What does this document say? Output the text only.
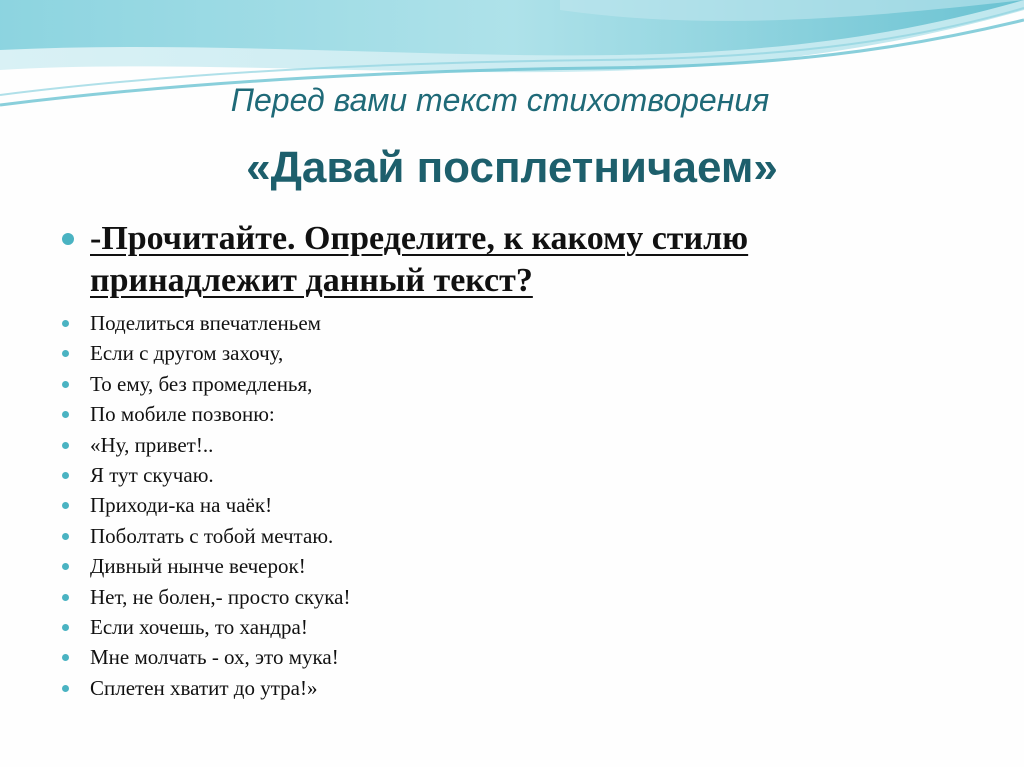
Перед вами текст стихотворения
«Давай посплетничаем»
-Прочитайте. Определите, к какому стилю принадлежит данный текст?
Поделиться впечатленьем
Если с другом захочу,
То ему, без промедленья,
По мобиле позвоню:
«Ну, привет!..
Я тут скучаю.
Приходи-ка на чаёк!
Поболтать с тобой мечтаю.
Дивный нынче вечерок!
Нет, не болен,- просто скука!
Если хочешь, то хандра!
Мне молчать - ох, это мука!
Сплетен хватит до утра!»
